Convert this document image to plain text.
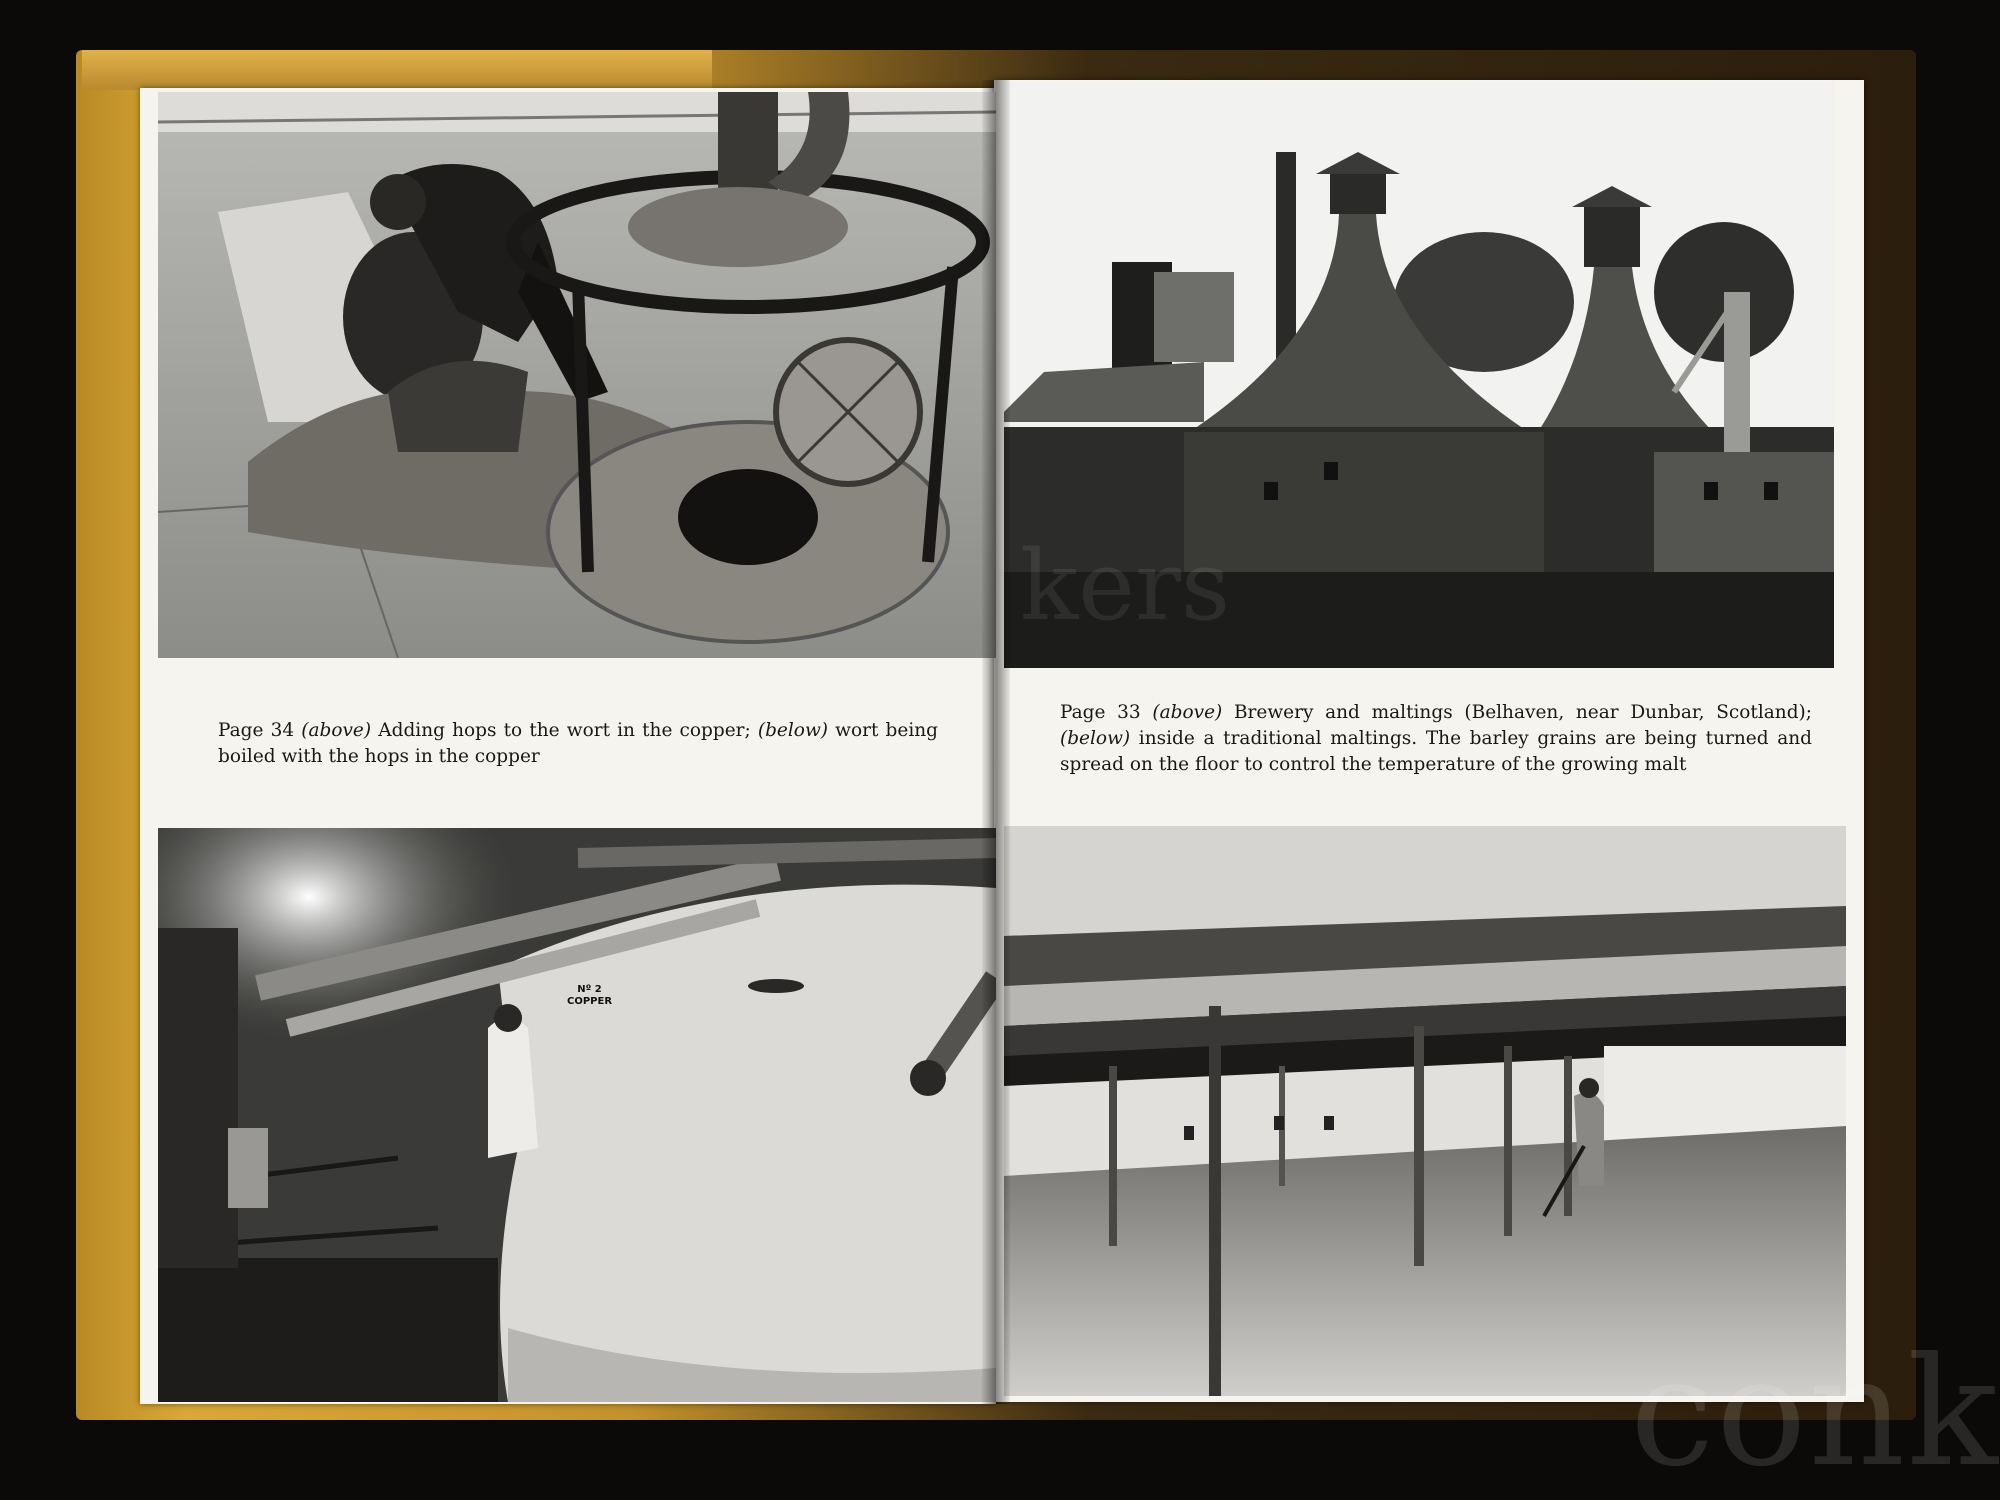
Nº 2
COPPER
Page 34 (above) Adding hops to the wort in the copper; (below) wort being boiled with the hops in the copper
Page 33 (above) Brewery and maltings (Belhaven, near Dunbar, Scotland); (below) inside a traditional maltings. The barley grains are being turned and spread on the floor to control the temperature of the growing malt
kers
conk
